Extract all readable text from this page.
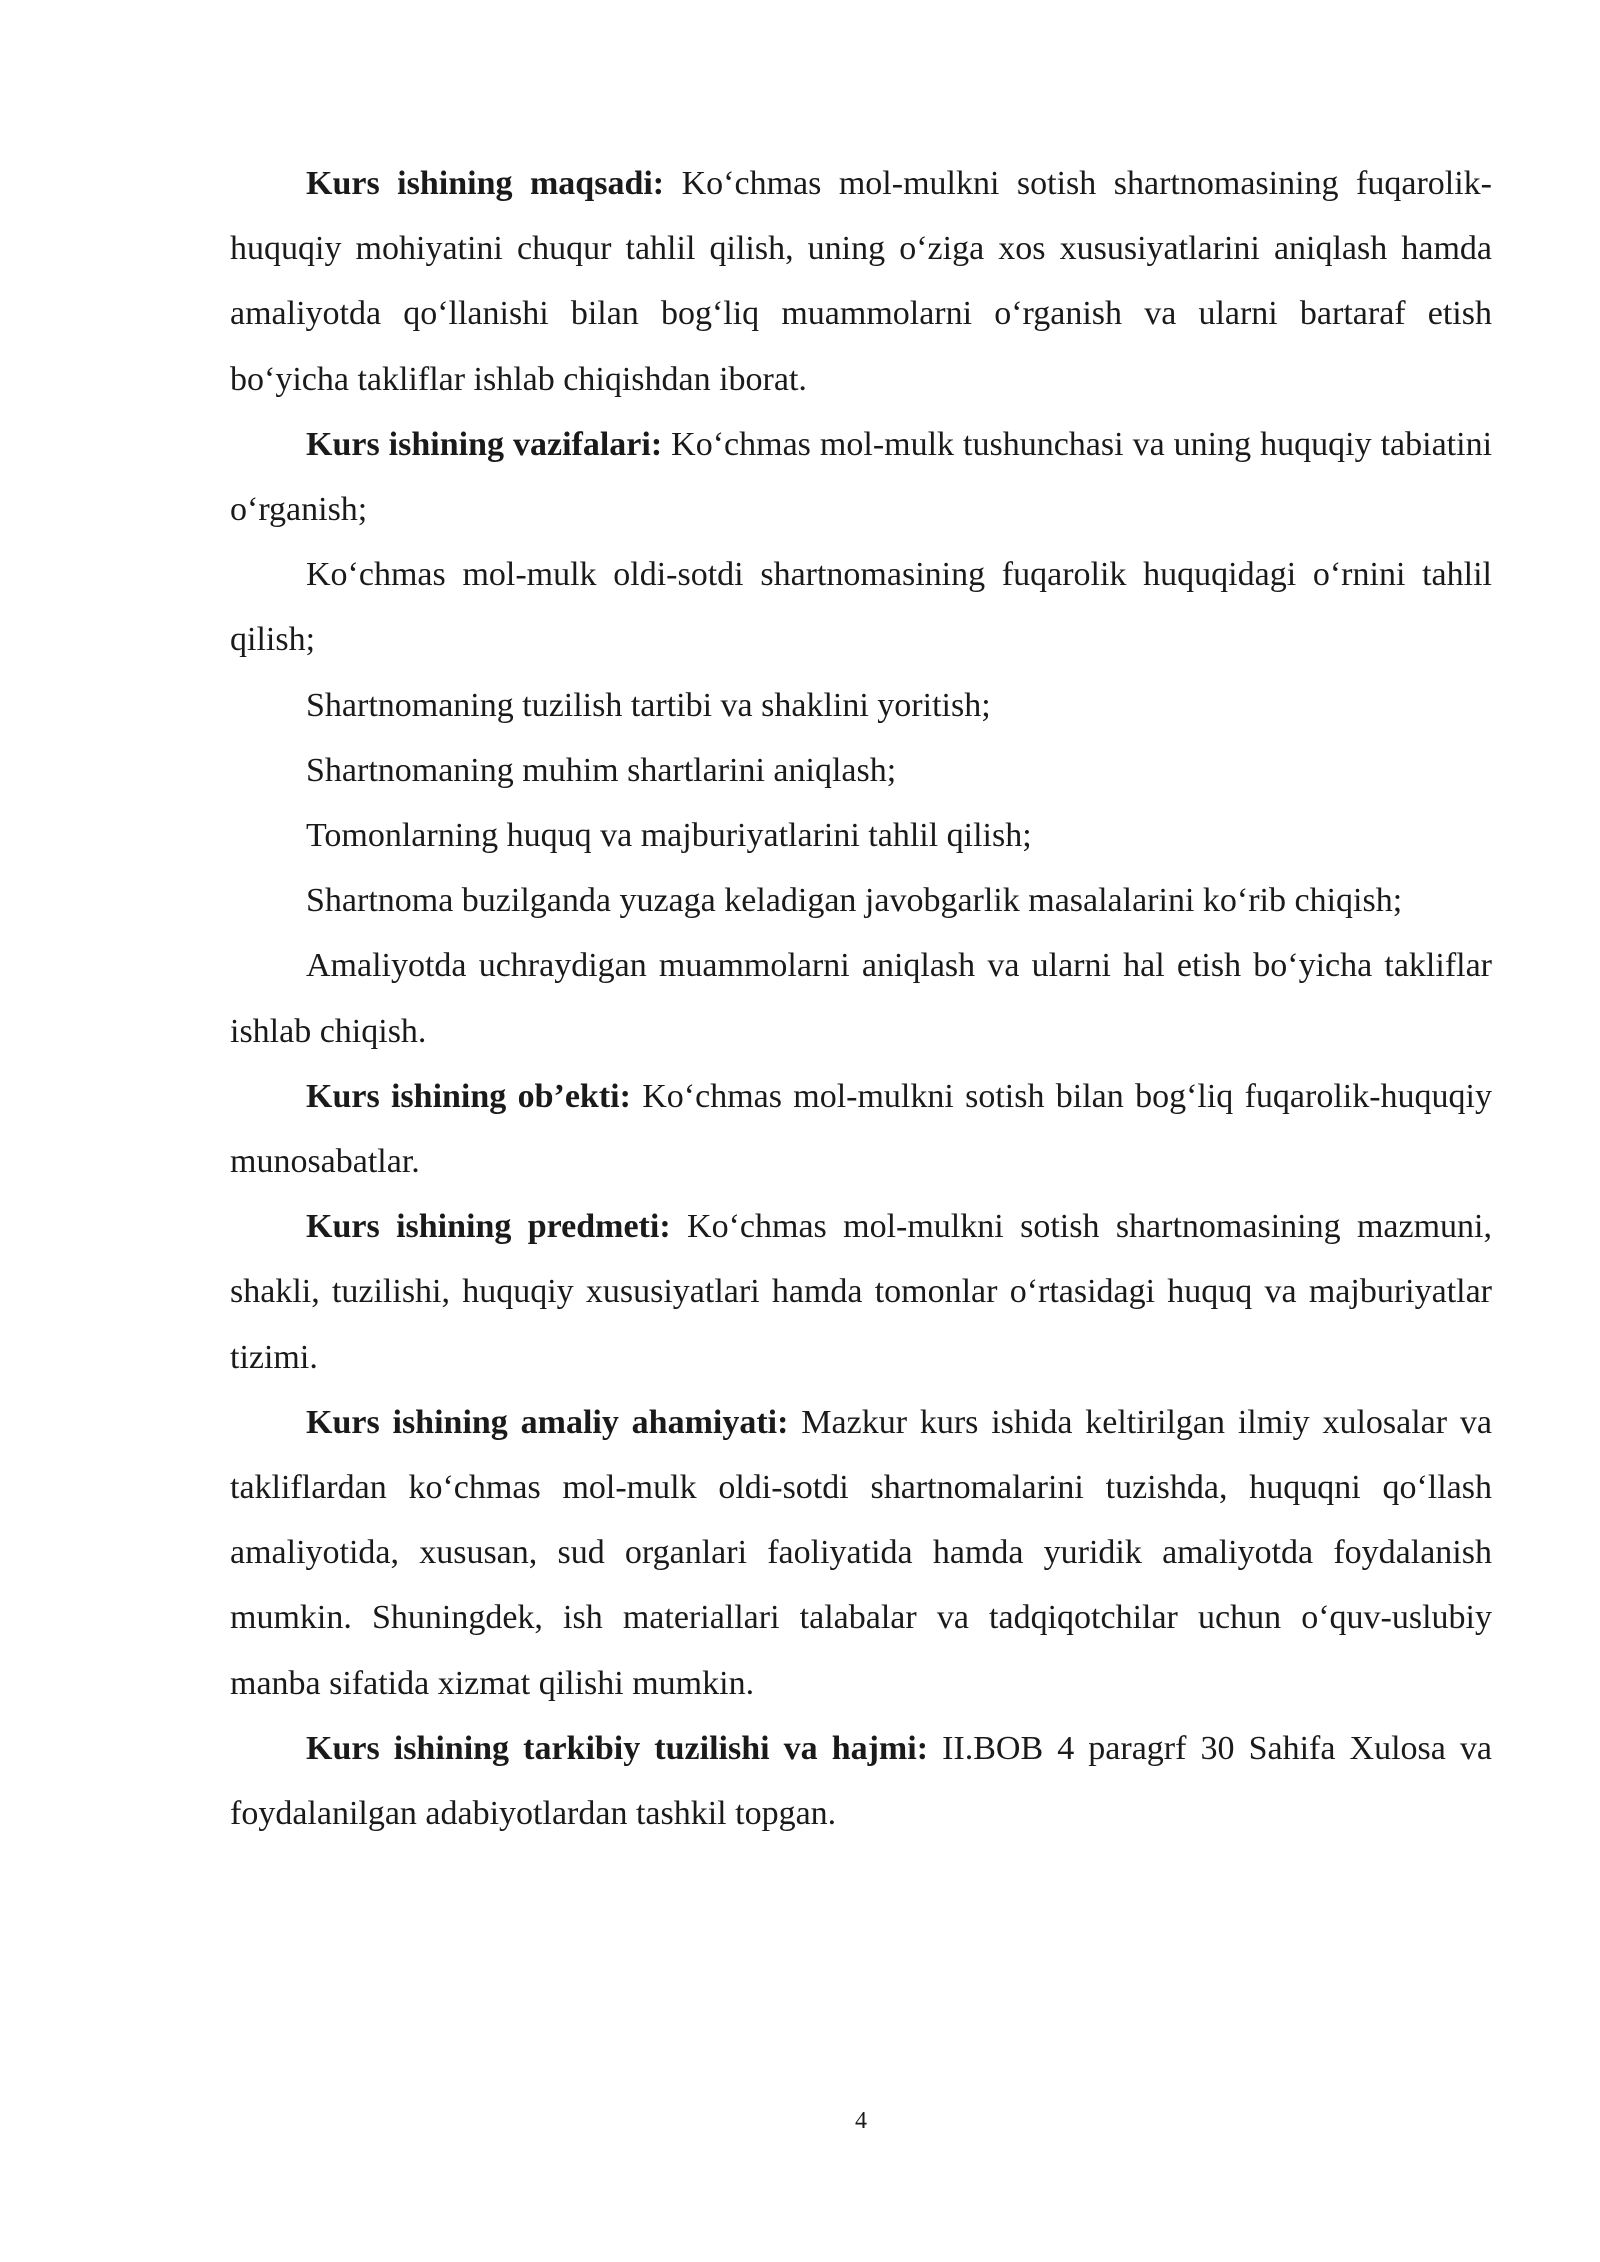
Kurs ishining maqsadi: Ko‘chmas mol-mulkni sotish shartnomasining fuqarolik-huquqiy mohiyatini chuqur tahlil qilish, uning o‘ziga xos xususiyatlarini aniqlash hamda amaliyotda qo‘llanishi bilan bog‘liq muammolarni o‘rganish va ularni bartaraf etish bo‘yicha takliflar ishlab chiqishdan iborat.

Kurs ishining vazifalari: Ko‘chmas mol-mulk tushunchasi va uning huquqiy tabiatini o‘rganish;

Ko‘chmas mol-mulk oldi-sotdi shartnomasining fuqarolik huquqidagi o‘rnini tahlil qilish;

Shartnomaning tuzilish tartibi va shaklini yoritish;

Shartnomaning muhim shartlarini aniqlash;

Tomonlarning huquq va majburiyatlarini tahlil qilish;

Shartnoma buzilganda yuzaga keladigan javobgarlik masalalarini ko‘rib chiqish;

Amaliyotda uchraydigan muammolarni aniqlash va ularni hal etish bo‘yicha takliflar ishlab chiqish.

Kurs ishining ob’ekti: Ko‘chmas mol-mulkni sotish bilan bog‘liq fuqarolik-huquqiy munosabatlar.

Kurs ishining predmeti: Ko‘chmas mol-mulkni sotish shartnomasining mazmuni, shakli, tuzilishi, huquqiy xususiyatlari hamda tomonlar o‘rtasidagi huquq va majburiyatlar tizimi.

Kurs ishining amaliy ahamiyati: Mazkur kurs ishida keltirilgan ilmiy xulosalar va takliflardan ko‘chmas mol-mulk oldi-sotdi shartnomalarini tuzishda, huquqni qo‘llash amaliyotida, xususan, sud organlari faoliyatida hamda yuridik amaliyotda foydalanish mumkin. Shuningdek, ish materiallari talabalar va tadqiqotchilar uchun o‘quv-uslubiy manba sifatida xizmat qilishi mumkin.

Kurs ishining tarkibiy tuzilishi va hajmi: II.BOB 4 paragrf 30 Sahifa Xulosa va foydalanilgan adabiyotlardan tashkil topgan.

4
